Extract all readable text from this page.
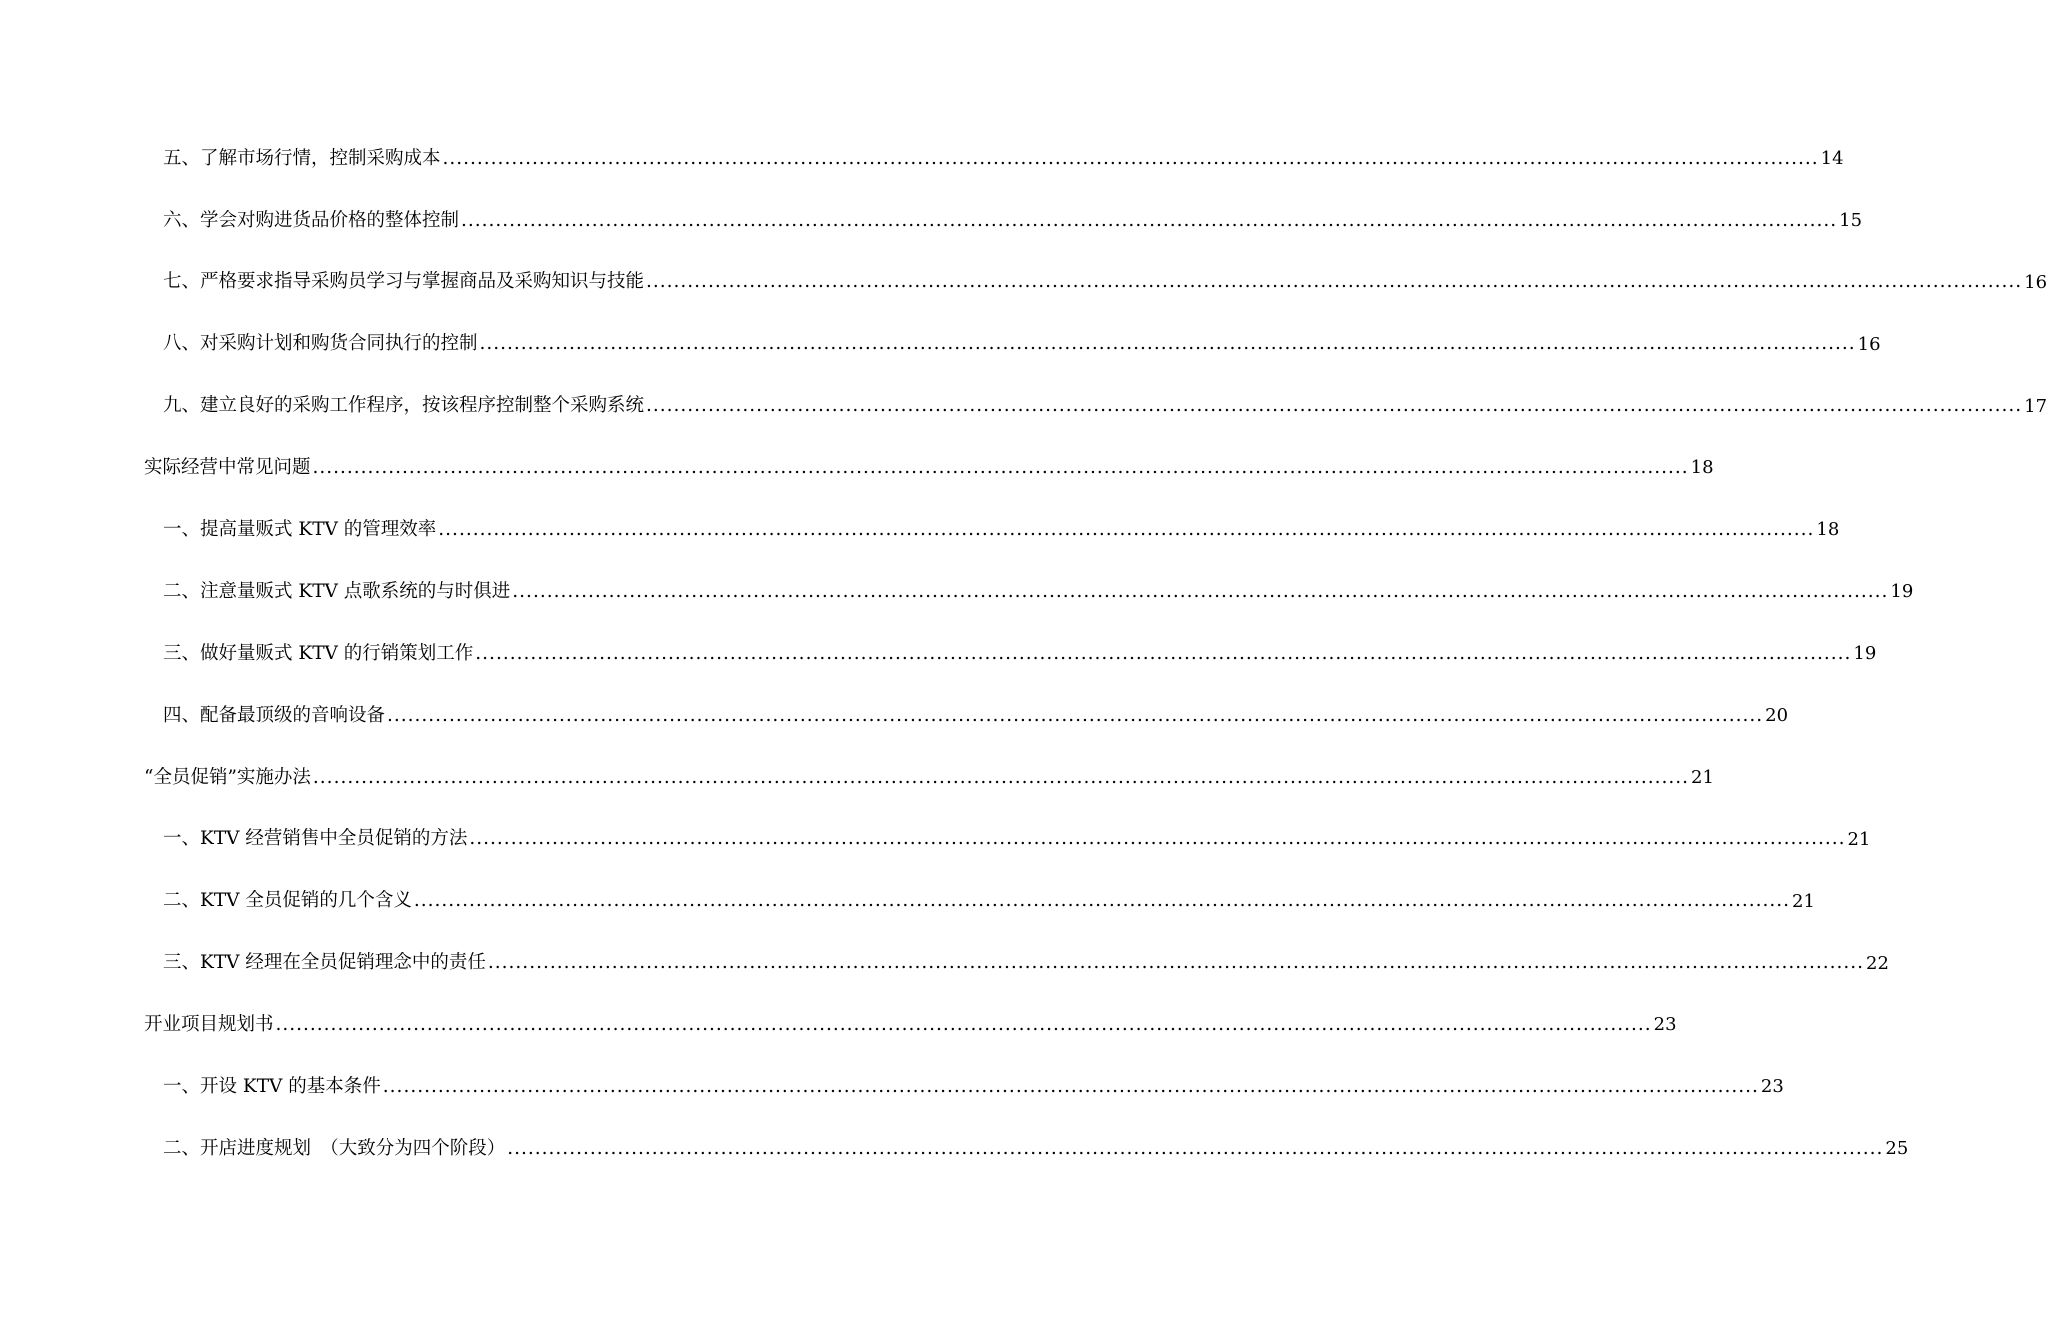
五、了解市场行情，控制采购成本 ........................................................................................................................................................................................................ 14
六、学会对购进货品价格的整体控制 ........................................................................................................................................................................................................ 15
七、严格要求指导采购员学习与掌握商品及采购知识与技能 ........................................................................................................................................................................................................ 16
八、对采购计划和购货合同执行的控制 ........................................................................................................................................................................................................ 16
九、建立良好的采购工作程序，按该程序控制整个采购系统 ........................................................................................................................................................................................................ 17
实际经营中常见问题 ........................................................................................................................................................................................................ 18
一、提高量贩式 KTV 的管理效率 ........................................................................................................................................................................................................ 18
二、注意量贩式 KTV 点歌系统的与时俱进 ........................................................................................................................................................................................................ 19
三、做好量贩式 KTV 的行销策划工作 ........................................................................................................................................................................................................ 19
四、配备最顶级的音响设备 ........................................................................................................................................................................................................ 20
“全员促销”实施办法 ........................................................................................................................................................................................................ 21
一、KTV 经营销售中全员促销的方法 ........................................................................................................................................................................................................ 21
二、KTV 全员促销的几个含义 ........................................................................................................................................................................................................ 21
三、KTV 经理在全员促销理念中的责任 ........................................................................................................................................................................................................ 22
开业项目规划书 ........................................................................................................................................................................................................ 23
一、开设 KTV 的基本条件 ........................................................................................................................................................................................................ 23
二、开店进度规划　（大致分为四个阶段） ........................................................................................................................................................................................................ 25
